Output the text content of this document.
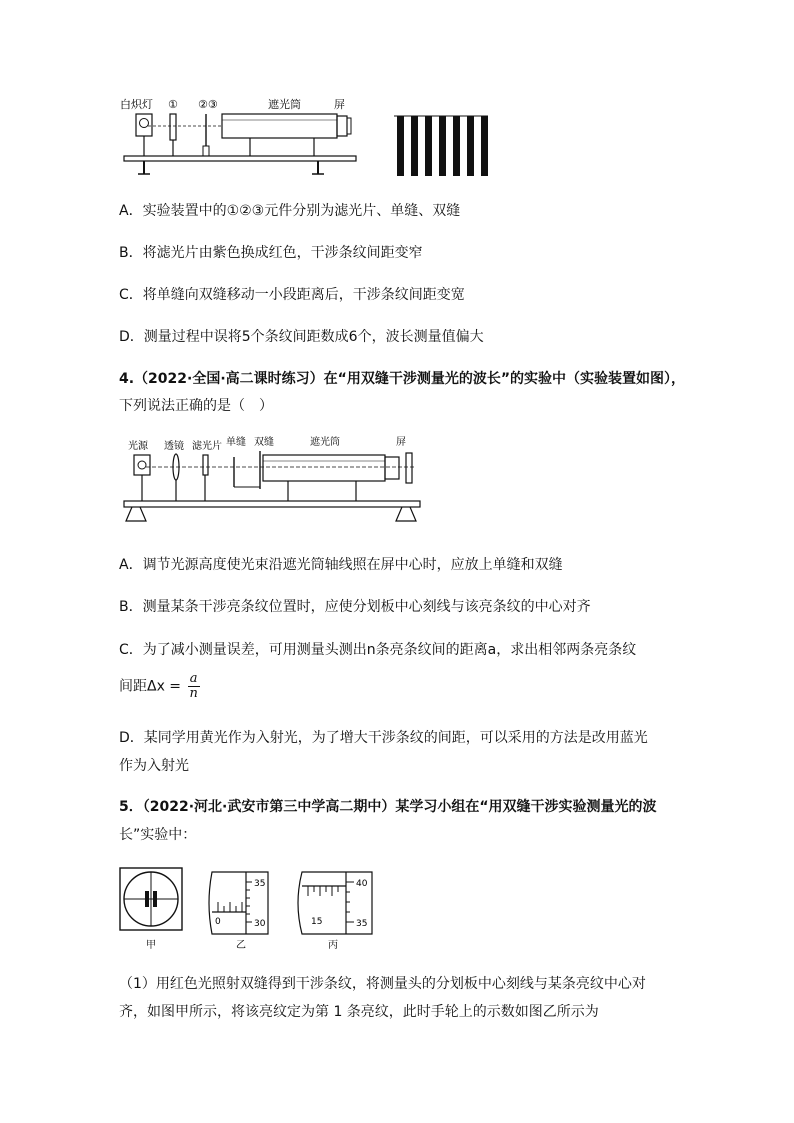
白炽灯 ① ②③	遮光筒	屏
A．实验装置中的①②③元件分别为滤光片、单缝、双缝
B．将滤光片由紫色换成红色，干涉条纹间距变窄
C．将单缝向双缝移动一小段距离后，干涉条纹间距变宽
D．测量过程中误将5个条纹间距数成6个，波长测量值偏大
4.（2022·全国·高二课时练习）在“用双缝干涉测量光的波长”的实验中（实验装置如图），
下列说法正确的是（　）
光源 透镜 滤光片 单缝 双缝	遮光筒	屏
A．调节光源高度使光束沿遮光筒轴线照在屏中心时，应放上单缝和双缝
B．测量某条干涉亮条纹位置时，应使分划板中心刻线与该亮条纹的中心对齐
C．为了减小测量误差，可用测量头测出n条亮条纹间的距离a，求出相邻两条亮条纹
间距$\Delta x = \frac{a}{n}$
D．某同学用黄光作为入射光，为了增大干涉条纹的间距，可以采用的方法是改用蓝光
作为入射光
5．（2022·河北·武安市第三中学高二期中）某学习小组在“用双缝干涉实验测量光的波
长”实验中：
甲
35
30
0
乙
40
35
15
丙
（1）用红色光照射双缝得到干涉条纹，将测量头的分划板中心刻线与某条亮纹中心对
齐，如图甲所示，将该亮纹定为第 1 条亮纹，此时手轮上的示数如图乙所示为
